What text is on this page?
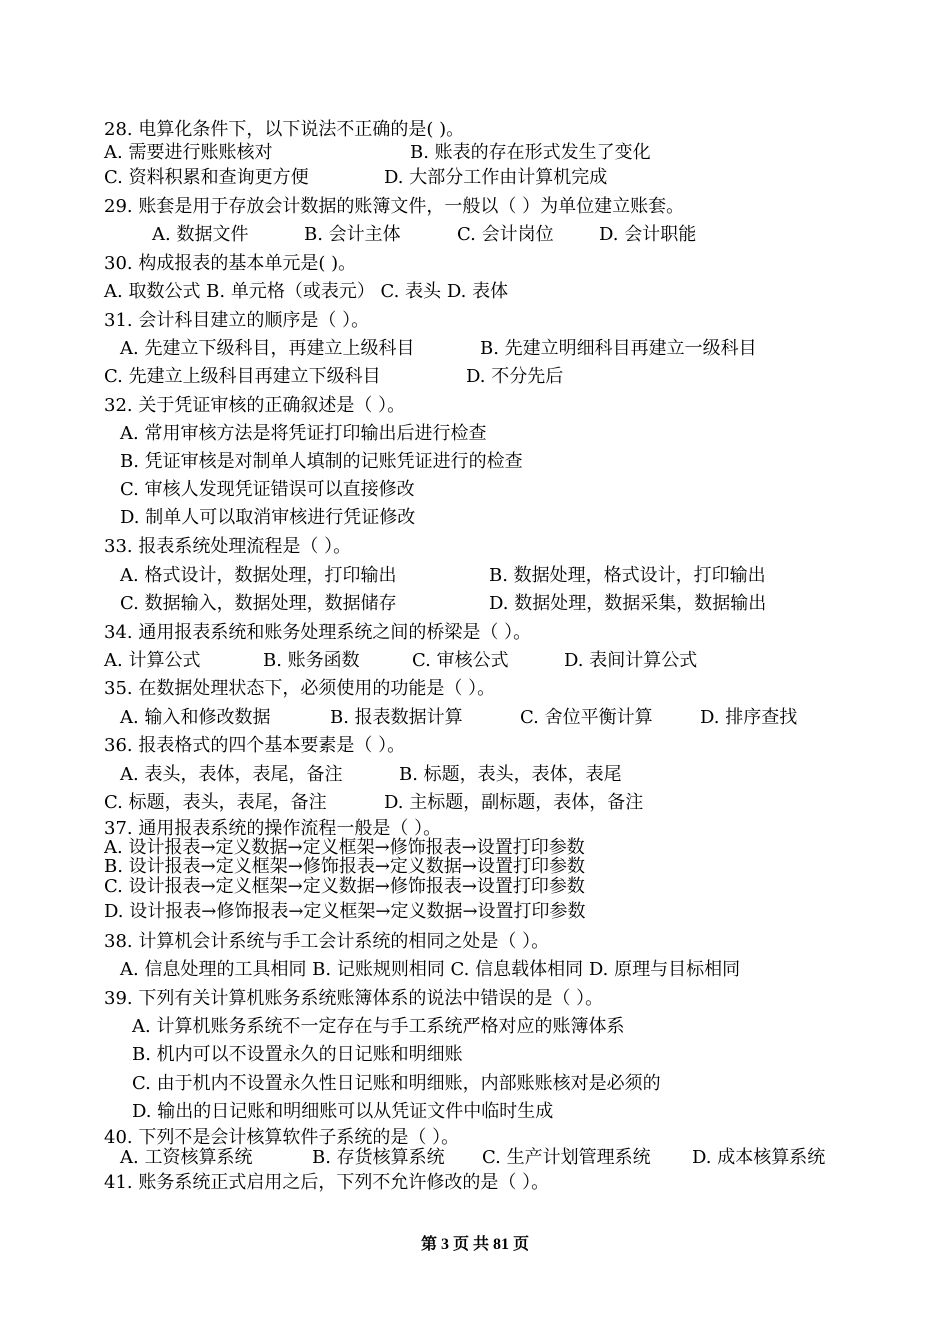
28. 电算化条件下，以下说法不正确的是( )。
A. 需要进行账账核对	B. 账表的存在形式发生了变化
C. 资料积累和查询更方便	D. 大部分工作由计算机完成
29. 账套是用于存放会计数据的账簿文件，一般以（ ）为单位建立账套。
A. 数据文件	B. 会计主体	C. 会计岗位	D. 会计职能
30. 构成报表的基本单元是( )。
A. 取数公式 B. 单元格（或表元） C. 表头 D. 表体
31. 会计科目建立的顺序是（ ）。
A. 先建立下级科目，再建立上级科目	B. 先建立明细科目再建立一级科目
C. 先建立上级科目再建立下级科目	D. 不分先后
32. 关于凭证审核的正确叙述是（ ）。
A. 常用审核方法是将凭证打印输出后进行检查
B. 凭证审核是对制单人填制的记账凭证进行的检查
C. 审核人发现凭证错误可以直接修改
D. 制单人可以取消审核进行凭证修改
33. 报表系统处理流程是（ ）。
A. 格式设计，数据处理，打印输出	B. 数据处理，格式设计，打印输出
C. 数据输入，数据处理，数据储存	D. 数据处理，数据采集，数据输出
34. 通用报表系统和账务处理系统之间的桥梁是（ ）。
A. 计算公式	B. 账务函数	C. 审核公式	D. 表间计算公式
35. 在数据处理状态下，必须使用的功能是（ ）。
A. 输入和修改数据	B. 报表数据计算	C. 舍位平衡计算	D. 排序查找
36. 报表格式的四个基本要素是（ ）。
A. 表头，表体，表尾，备注	B. 标题，表头，表体，表尾
C. 标题，表头，表尾，备注	D. 主标题，副标题，表体，备注
37. 通用报表系统的操作流程一般是（ ）。
A. 设计报表→定义数据→定义框架→修饰报表→设置打印参数
B. 设计报表→定义框架→修饰报表→定义数据→设置打印参数
C. 设计报表→定义框架→定义数据→修饰报表→设置打印参数
D. 设计报表→修饰报表→定义框架→定义数据→设置打印参数
38. 计算机会计系统与手工会计系统的相同之处是（ ）。
A. 信息处理的工具相同 B. 记账规则相同 C. 信息载体相同 D. 原理与目标相同
39. 下列有关计算机账务系统账簿体系的说法中错误的是（ ）。
A. 计算机账务系统不一定存在与手工系统严格对应的账簿体系
B. 机内可以不设置永久的日记账和明细账
C. 由于机内不设置永久性日记账和明细账，内部账账核对是必须的
D. 输出的日记账和明细账可以从凭证文件中临时生成
40. 下列不是会计核算软件子系统的是（ ）。
A. 工资核算系统	B. 存货核算系统 C. 生产计划管理系统 D. 成本核算系统
41. 账务系统正式启用之后，下列不允许修改的是（ ）。
第 3 页 共 81 页
